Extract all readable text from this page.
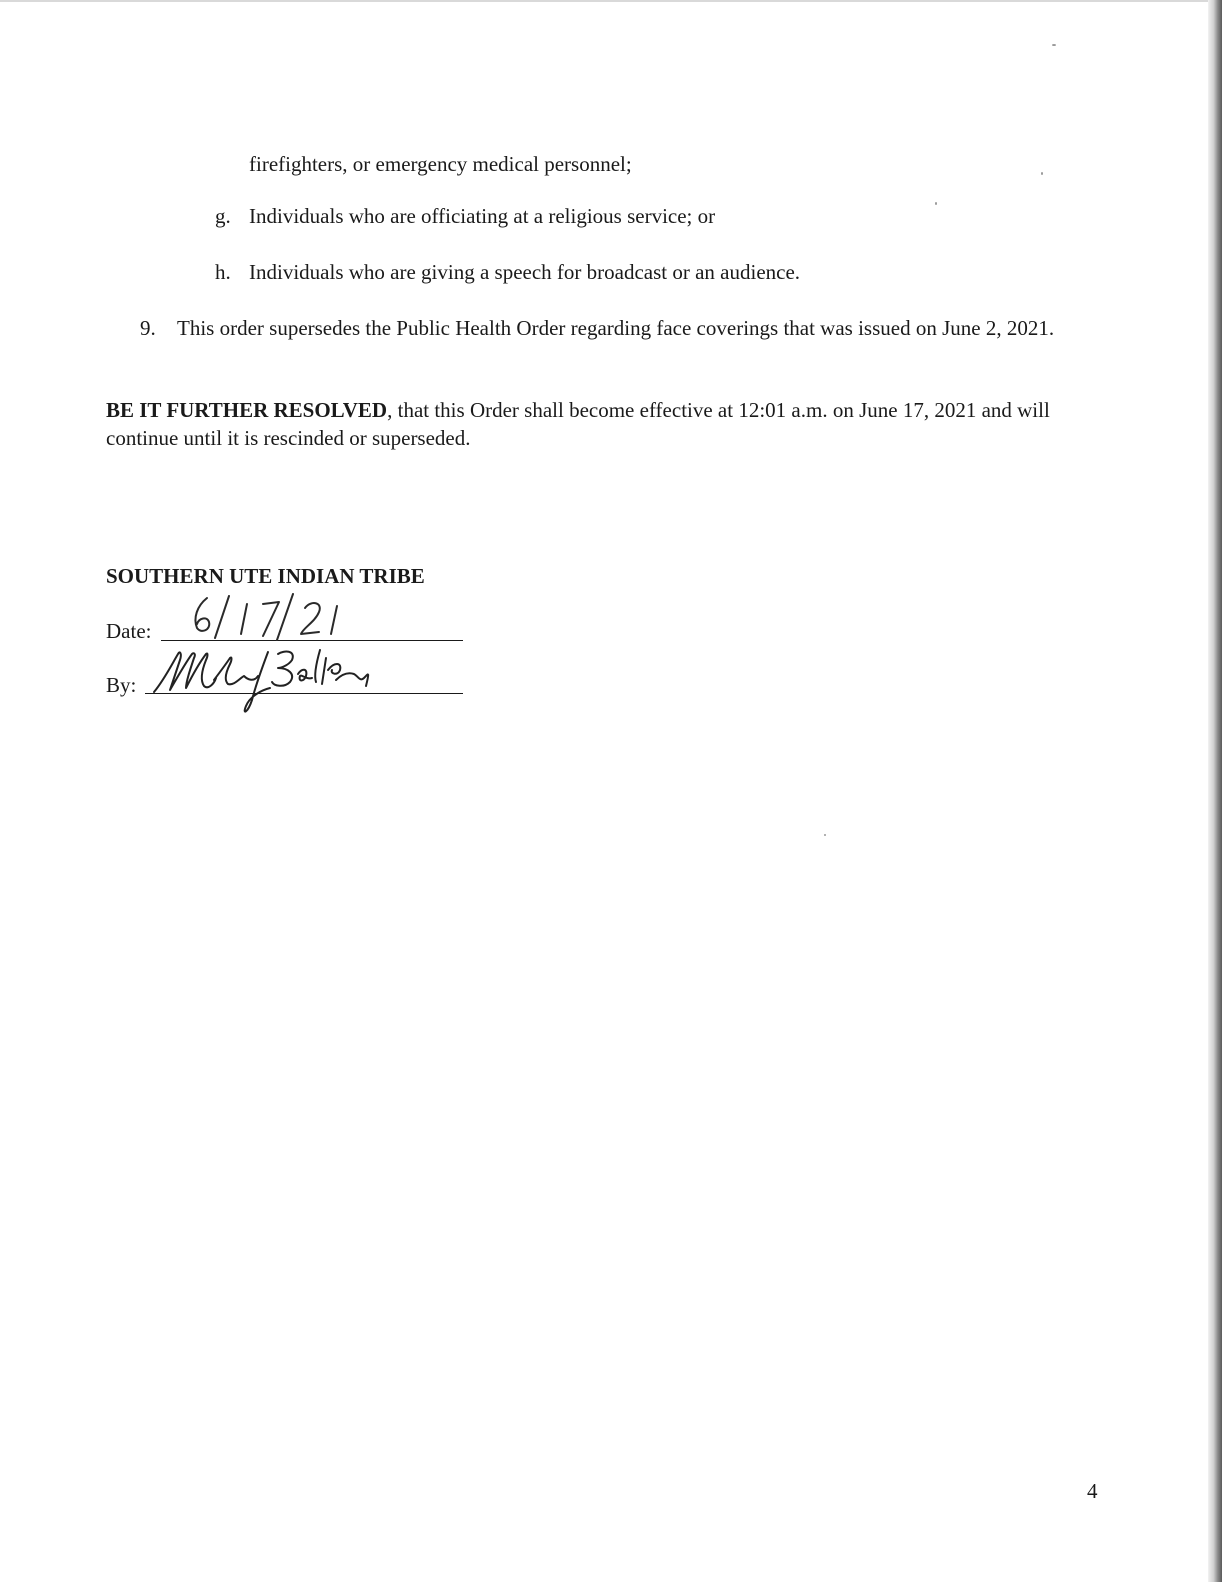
firefighters, or emergency medical personnel;
g. Individuals who are officiating at a religious service; or
h. Individuals who are giving a speech for broadcast or an audience.
9. This order supersedes the Public Health Order regarding face coverings that was issued on June 2, 2021.
BE IT FURTHER RESOLVED, that this Order shall become effective at 12:01 a.m. on June 17, 2021 and will continue until it is rescinded or superseded.
SOUTHERN UTE INDIAN TRIBE
Date:
By:
4
